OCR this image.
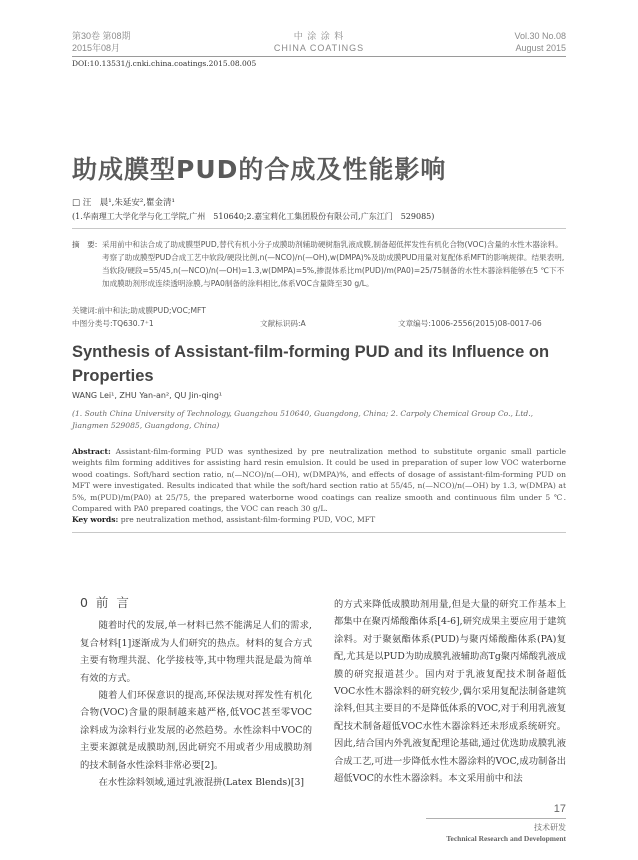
第30卷 第08期
2015年08月
中 涂 涂 料
CHINA COATINGS
Vol.30 No.08
August 2015
DOI:10.13531/j.cnki.china.coatings.2015.08.005
助成膜型PUD的合成及性能影响
□ 汪　晨¹,朱延安²,瞿金清¹
(1.华南理工大学化学与化工学院,广州　510640;2.嘉宝莉化工集团股份有限公司,广东江门　529085)
摘　要: 采用前中和法合成了助成膜型PUD,替代有机小分子成膜助剂辅助硬树脂乳液成膜,制备超低挥发性有机化合物(VOC)含量的水性木器涂料。考察了助成膜型PUD合成工艺中软段/硬段比例,n(—NCO)/n(—OH),w(DMPA)%及助成膜PUD用量对复配体系MFT的影响规律。结果表明,当软段/硬段=55/45,n(—NCO)/n(—OH)=1.3,w(DMPA)=5%,掺混体系比m(PUD)/m(PA0)=25/75制备的水性木器涂料能够在5 ℃下不加成膜助剂形成连续透明涂膜,与PA0制备的涂料相比,体系VOC含量降至30 g/L。
关键词:前中和法;助成膜PUD;VOC;MFT
中图分类号:TQ630.7⁺1	文献标识码:A	文章编号:1006-2556(2015)08-0017-06
Synthesis of Assistant-film-forming PUD and its Influence on Properties
WANG Lei¹, ZHU Yan-an², QU Jin-qing¹
(1. South China University of Technology, Guangzhou 510640, Guangdong, China; 2. Carpoly Chemical Group Co., Ltd., Jiangmen 529085, Guangdong, China)
Abstract: Assistant-film-forming PUD was synthesized by pre neutralization method to substitute organic small particle weights film forming additives for assisting hard resin emulsion. It could be used in preparation of super low VOC waterborne wood coatings. Soft/hard section ratio, n(—NCO)/n(—OH), w(DMPA)%, and effects of dosage of assistant-film-forming PUD on MFT were investigated. Results indicated that while the soft/hard section ratio at 55/45, n(—NCO)/n(—OH) by 1.3, w(DMPA) at 5%, m(PUD)/m(PA0) at 25/75, the prepared waterborne wood coatings can realize smooth and continuous film under 5 ℃. Compared with PA0 prepared coatings, the VOC can reach 30 g/L.
Key words: pre neutralization method, assistant-film-forming PUD, VOC, MFT
0 前 言

随着时代的发展,单一材料已然不能满足人们的需求,复合材料[1]逐渐成为人们研究的热点。材料的复合方式主要有物理共混、化学接枝等,其中物理共混是最为简单有效的方式。

随着人们环保意识的提高,环保法规对挥发性有机化合物(VOC)含量的限制越来越严格,低VOC甚至零VOC涂料成为涂料行业发展的必然趋势。水性涂料中VOC的主要来源就是成膜助剂,因此研究不用或者少用成膜助剂的技术制备水性涂料非常必要[2]。

在水性涂料领域,通过乳液混拼(Latex Blends)[3]

的方式来降低成膜助剂用量,但是大量的研究工作基本上都集中在聚丙烯酸酯体系[4-6],研究成果主要应用于建筑涂料。对于聚氨酯体系(PUD)与聚丙烯酸酯体系(PA)复配,尤其是以PUD为助成膜乳液辅助高Tg聚丙烯酸乳液成膜的研究报道甚少。国内对于乳液复配技术制备超低VOC水性木器涂料的研究较少,偶尔采用复配法制备建筑涂料,但其主要目的不是降低体系的VOC,对于利用乳液复配技术制备超低VOC水性木器涂料还未形成系统研究。因此,结合国内外乳液复配理论基础,通过优选助成膜乳液合成工艺,可进一步降低水性木器涂料的VOC,成功制备出超低VOC的水性木器涂料。本文采用前中和法

17
技术研发
Technical Research and Development
